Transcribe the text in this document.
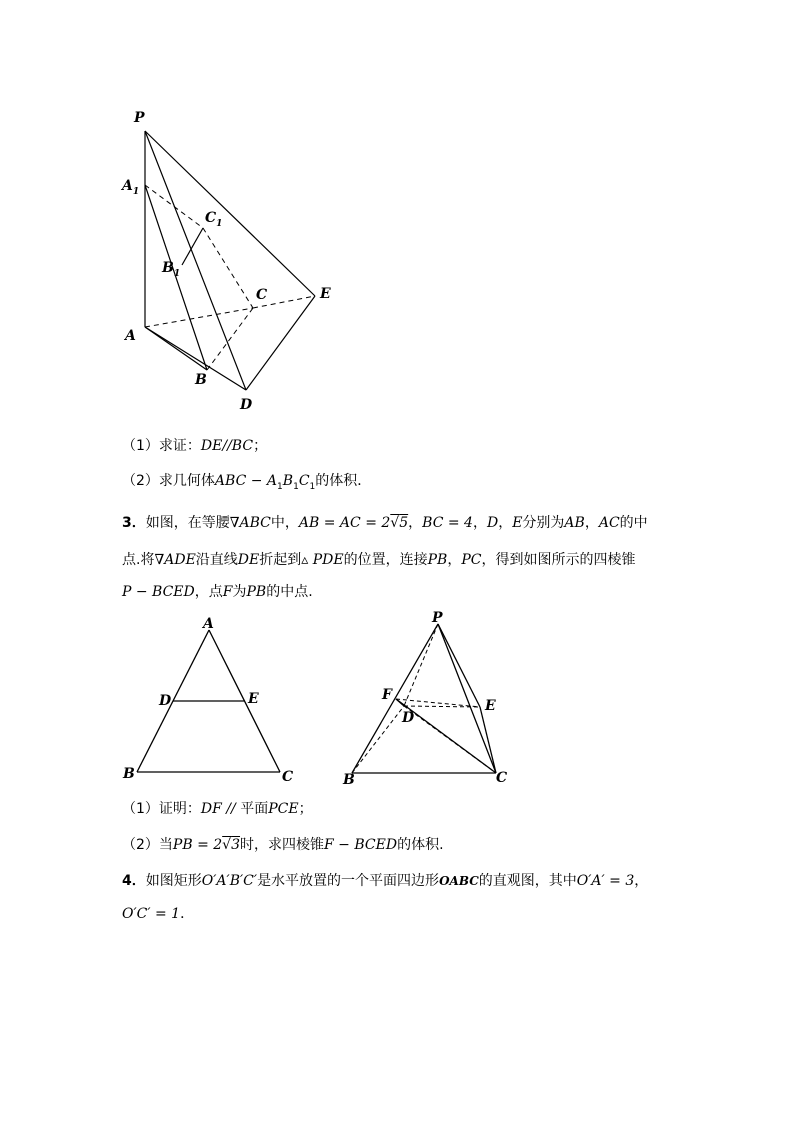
P
$A_1$
$C_1$
$B_1$
C	E
A
B
D
（1）求证：DE//BC；
（2）求几何体ABC − $A_1B_1C_1$的体积．
3．如图，在等腰∇ABC中，AB = AC = 2√5，BC = 4，D，E分别为AB，AC的中
点.将∇ADE沿直线DE折起到▵ PDE的位置，连接PB，PC，得到如图所示的四棱锥
P − BCED，点F为PB的中点.
A
D	E
B	C
P
F
E
D
B	C
（1）证明：DF // 平面PCE；
（2）当PB = 2√3时，求四棱锥F − BCED的体积.
4．如图矩形O′A′B′C′是水平放置的一个平面四边形OABC的直观图，其中O′A′ = 3，
O′C′ = 1．
